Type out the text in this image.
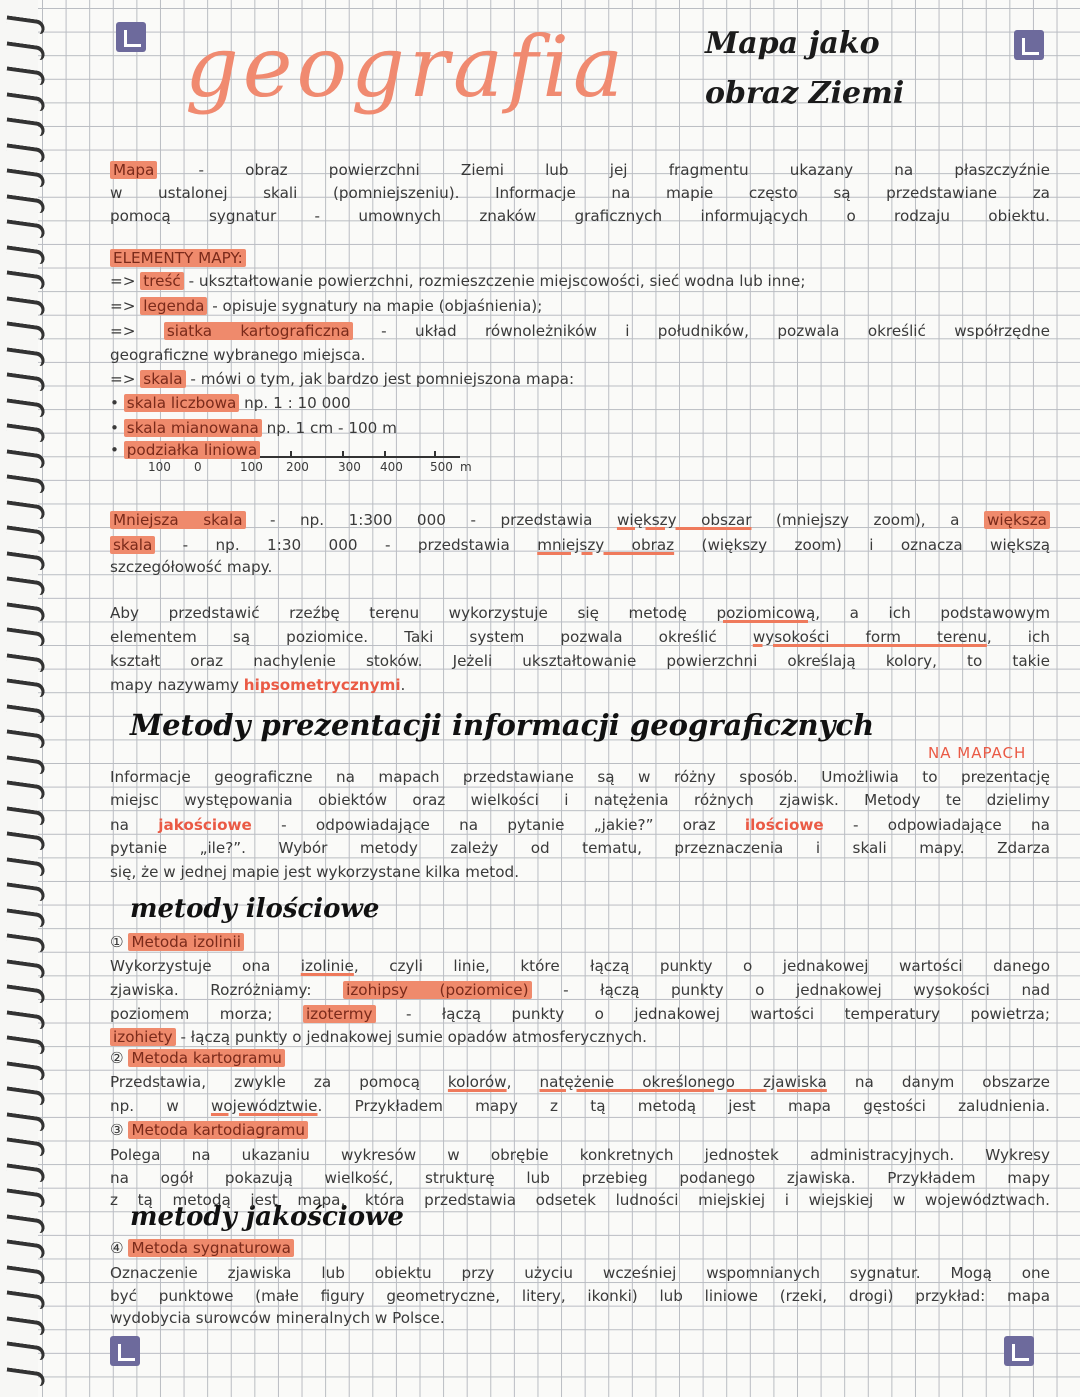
geografia	Mapa jako
obraz Ziemi
100 0	100 200 300 400 500 m
Metody prezentacji informacji geograficznych
NA MAPACH
metody ilościowe
metody jakościowe
Mapa - obraz powierzchni Ziemi lub jej fragmentu ukazany na płaszczyźnie
w ustalonej skali (pomniejszeniu). Informacje na mapie często są przedstawiane za
pomocą sygnatur - umownych znaków graficznych informujących o rodzaju obiektu.
ELEMENTY MAPY:
=> treść - ukształtowanie powierzchni, rozmieszczenie miejscowości, sieć wodna lub inne;
=> legenda - opisuje sygnatury na mapie (objaśnienia);
=> siatka kartograficzna - układ równoleżników i południków, pozwala określić współrzędne
geograficzne wybranego miejsca.
=> skala - mówi o tym, jak bardzo jest pomniejszona mapa:
• skala liczbowa np. 1 : 10 000
• skala mianowana np. 1 cm - 100 m
• podziałka liniowa
Mniejsza skala - np. 1:300 000 - przedstawia większy obszar (mniejszy zoom), a większa
skala - np. 1:30 000 - przedstawia mniejszy obraz (większy zoom) i oznacza większą
szczegółowość mapy.
Aby przedstawić rzeźbę terenu wykorzystuje się metodę poziomicową, a ich podstawowym
elementem są poziomice. Taki system pozwala określić wysokości form terenu, ich
kształt oraz nachylenie stoków. Jeżeli ukształtowanie powierzchni określają kolory, to takie
mapy nazywamy hipsometrycznymi.
Informacje geograficzne na mapach przedstawiane są w różny sposób. Umożliwia to prezentację
miejsc występowania obiektów oraz wielkości i natężenia różnych zjawisk. Metody te dzielimy
na jakościowe - odpowiadające na pytanie „jakie?” oraz ilościowe - odpowiadające na
pytanie „ile?”. Wybór metody zależy od tematu, przeznaczenia i skali mapy. Zdarza
się, że w jednej mapie jest wykorzystane kilka metod.
① Metoda izolinii
Wykorzystuje ona izolinie, czyli linie, które łączą punkty o jednakowej wartości danego
zjawiska. Rozróżniamy: izohipsy (poziomice) - łączą punkty o jednakowej wysokości nad
poziomem morza; izotermy - łączą punkty o jednakowej wartości temperatury powietrza;
izohiety - łączą punkty o jednakowej sumie opadów atmosferycznych.
② Metoda kartogramu
Przedstawia, zwykle za pomocą kolorów, natężenie określonego zjawiska na danym obszarze
np. w województwie. Przykładem mapy z tą metodą jest mapa gęstości zaludnienia.
③ Metoda kartodiagramu
Polega na ukazaniu wykresów w obrębie konkretnych jednostek administracyjnych. Wykresy
na ogół pokazują wielkość, strukturę lub przebieg podanego zjawiska. Przykładem mapy
z tą metodą jest mapa, która przedstawia odsetek ludności miejskiej i wiejskiej w województwach.
④ Metoda sygnaturowa
Oznaczenie zjawiska lub obiektu przy użyciu wcześniej wspomnianych sygnatur. Mogą one
być punktowe (małe figury geometryczne, litery, ikonki) lub liniowe (rzeki, drogi) przykład: mapa
wydobycia surowców mineralnych w Polsce.
